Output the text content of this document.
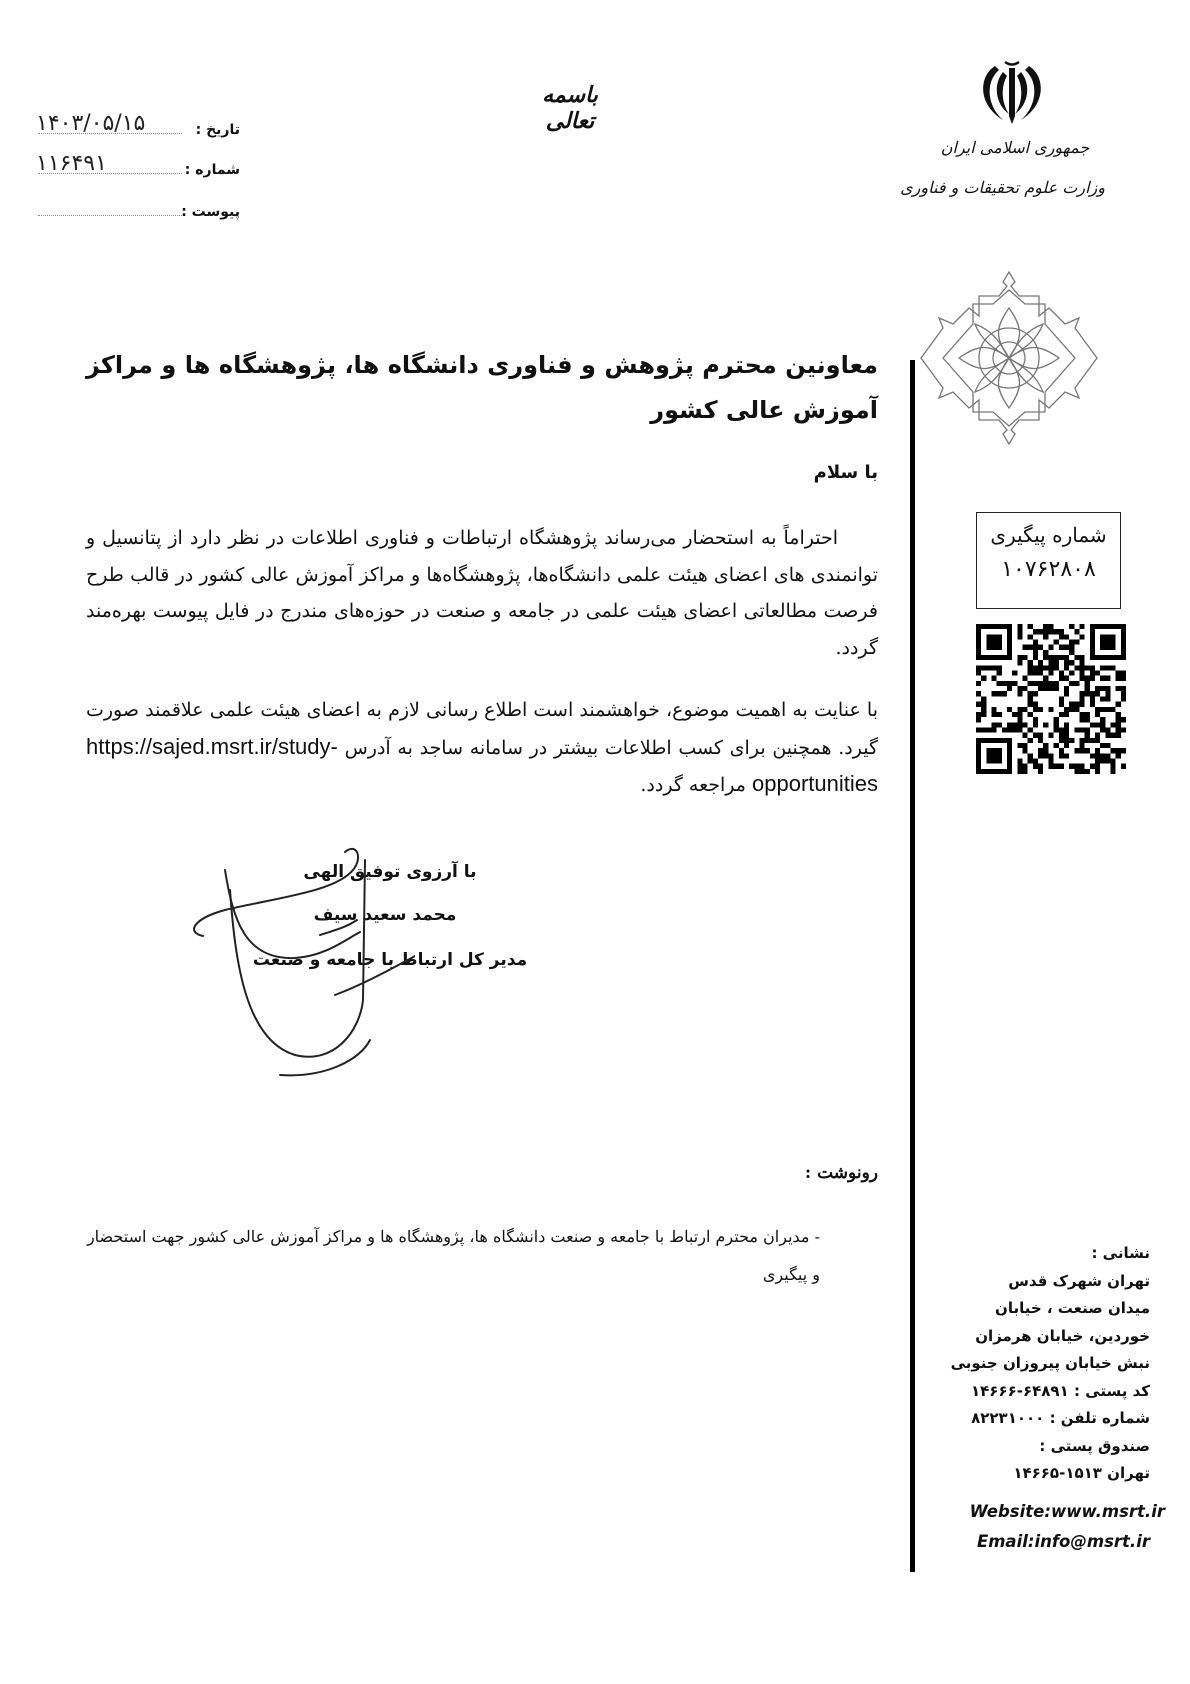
۱۴۰۳/۰۵/۱۵	تاریخ :
۱۱۶۴۹۱	شماره :
پیوست :
باسمه تعالی
جمهوری اسلامی ایران
وزارت علوم تحقیقات و فناوری
شماره پیگیری
۱۰۷۶۲۸۰۸
معاونین محترم پژوهش و فناوری دانشگاه ها، پژوهشگاه ها و مراکز آموزش عالی کشور
با سلام
احتراماً به استحضار می‌رساند پژوهشگاه ارتباطات و فناوری اطلاعات در نظر دارد از پتانسیل و توانمندی های اعضای هیئت علمی دانشگاه‌ها، پژوهشگاه‌ها و مراکز آموزش عالی کشور در قالب طرح فرصت مطالعاتی اعضای هیئت علمی در جامعه و صنعت در حوزه‌های مندرج در فایل پیوست بهره‌مند گردد.
با عنایت به اهمیت موضوع، خواهشمند است اطلاع رسانی لازم به اعضای هیئت علمی علاقمند صورت گیرد. همچنین برای کسب اطلاعات بیشتر در سامانه ساجد به آدرس https://sajed.msrt.ir/study-opportunities مراجعه گردد.
با آرزوی توفیق الهی
محمد سعید سیف
مدیر کل ارتباط با جامعه و صنعت
رونوشت :
- مدیران محترم ارتباط با جامعه و صنعت دانشگاه ها، پژوهشگاه ها و مراکز آموزش عالی کشور جهت استحضار و پیگیری
نشانی :
تهران شهرک قدس
میدان صنعت ، خیابان
خوردین، خیابان هرمزان
نبش خیابان پیروزان جنوبی
کد پستی : ۶۴۸۹۱-۱۴۶۶۶
شماره تلفن : ۸۲۲۳۱۰۰۰
صندوق پستی :
تهران ۱۵۱۳-۱۴۶۶۵
Website:www.msrt.ir
Email:info@msrt.ir
